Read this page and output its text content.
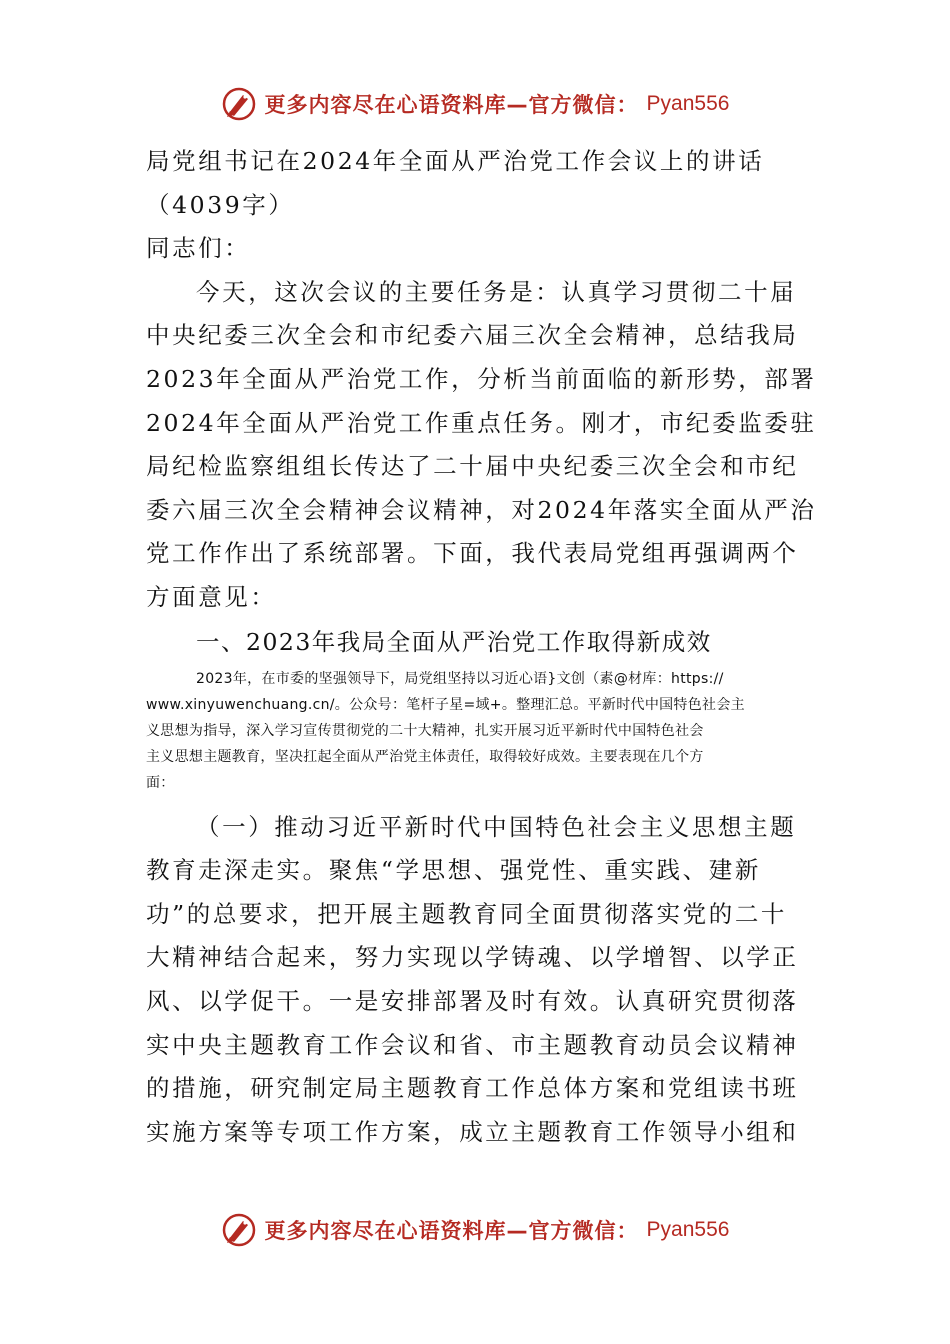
更多内容尽在心语资料库—官方微信： Pyan556
局党组书记在2024年全面从严治党工作会议上的讲话
（4039字）
同志们：
今天，这次会议的主要任务是：认真学习贯彻二十届
中央纪委三次全会和市纪委六届三次全会精神，总结我局
2023年全面从严治党工作，分析当前面临的新形势，部署
2024年全面从严治党工作重点任务。刚才，市纪委监委驻
局纪检监察组组长传达了二十届中央纪委三次全会和市纪
委六届三次全会精神会议精神，对2024年落实全面从严治
党工作作出了系统部署。下面，我代表局党组再强调两个
方面意见：
一、2023年我局全面从严治党工作取得新成效
2023年，在市委的坚强领导下，局党组坚持以习近心语}文创（素@材库：https://
www.xinyuwenchuang.cn/。公众号：笔杆子星=域+。整理汇总。平新时代中国特色社会主
义思想为指导，深入学习宣传贯彻党的二十大精神，扎实开展习近平新时代中国特色社会
主义思想主题教育，坚决扛起全面从严治党主体责任，取得较好成效。主要表现在几个方
面：
（一）推动习近平新时代中国特色社会主义思想主题
教育走深走实。聚焦“学思想、强党性、重实践、建新
功”的总要求，把开展主题教育同全面贯彻落实党的二十
大精神结合起来，努力实现以学铸魂、以学增智、以学正
风、以学促干。一是安排部署及时有效。认真研究贯彻落
实中央主题教育工作会议和省、市主题教育动员会议精神
的措施，研究制定局主题教育工作总体方案和党组读书班
实施方案等专项工作方案，成立主题教育工作领导小组和
更多内容尽在心语资料库—官方微信： Pyan556
